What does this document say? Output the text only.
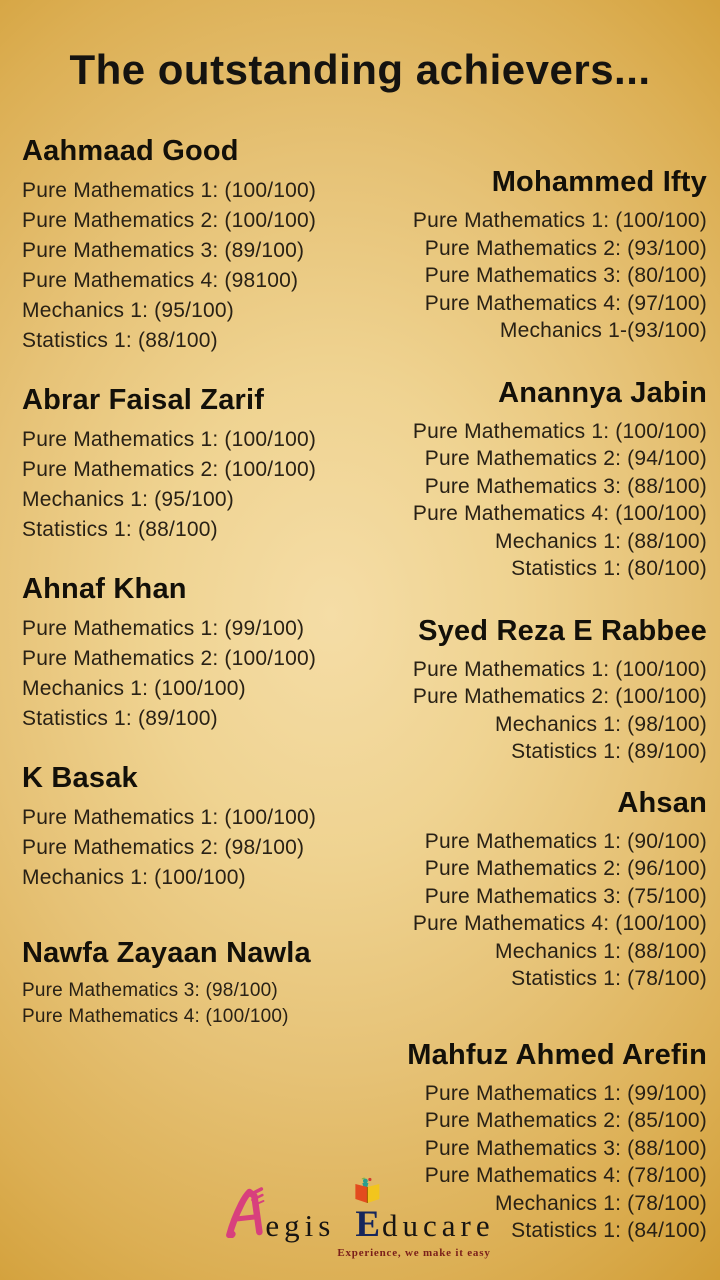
The outstanding achievers...
Aahmaad Good
Pure Mathematics 1: (100/100)
Pure Mathematics 2: (100/100)
Pure Mathematics 3: (89/100)
Pure Mathematics 4: (98100)
Mechanics 1: (95/100)
Statistics 1: (88/100)
Abrar Faisal Zarif
Pure Mathematics 1: (100/100)
Pure Mathematics 2: (100/100)
Mechanics 1: (95/100)
Statistics 1: (88/100)
Ahnaf Khan
Pure Mathematics 1: (99/100)
Pure Mathematics 2: (100/100)
Mechanics 1: (100/100)
Statistics 1: (89/100)
K Basak
Pure Mathematics 1: (100/100)
Pure Mathematics 2: (98/100)
Mechanics 1: (100/100)
Nawfa Zayaan Nawla
Pure Mathematics 3: (98/100)
Pure Mathematics 4: (100/100)
Mohammed Ifty
Pure Mathematics 1: (100/100)
Pure Mathematics 2: (93/100)
Pure Mathematics 3: (80/100)
Pure Mathematics 4: (97/100)
Mechanics 1-(93/100)
Anannya Jabin
Pure Mathematics 1: (100/100)
Pure Mathematics 2: (94/100)
Pure Mathematics 3: (88/100)
Pure Mathematics 4: (100/100)
Mechanics 1: (88/100)
Statistics 1: (80/100)
Syed Reza E Rabbee
Pure Mathematics 1: (100/100)
Pure Mathematics 2: (100/100)
Mechanics 1: (98/100)
Statistics 1: (89/100)
Ahsan
Pure Mathematics 1: (90/100)
Pure Mathematics 2: (96/100)
Pure Mathematics 3: (75/100)
Pure Mathematics 4: (100/100)
Mechanics 1: (88/100)
Statistics 1: (78/100)
Mahfuz Ahmed Arefin
Pure Mathematics 1: (99/100)
Pure Mathematics 2: (85/100)
Pure Mathematics 3: (88/100)
Pure Mathematics 4: (78/100)
Mechanics 1: (78/100)
Statistics 1: (84/100)
egis E ducare
Experience, we make it easy
